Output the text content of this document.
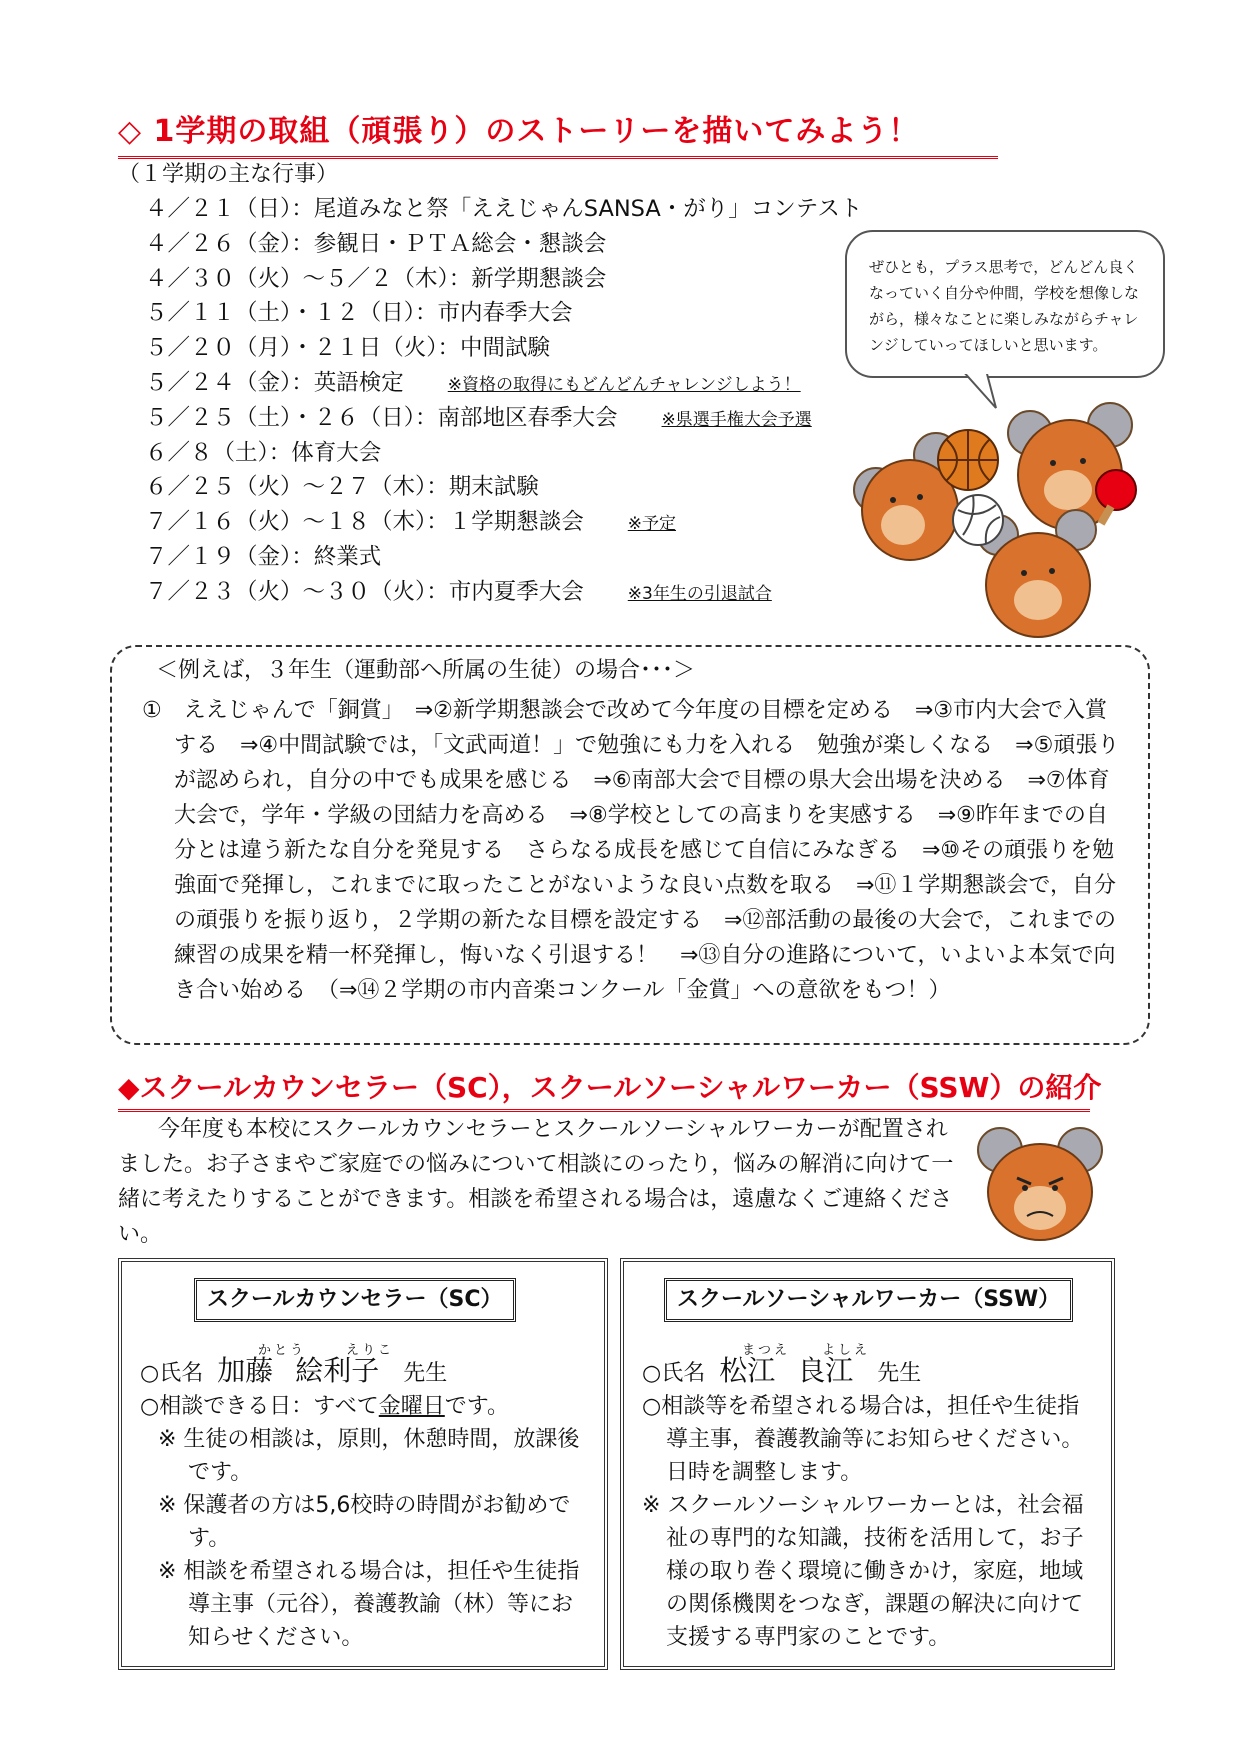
◇ 1学期の取組（頑張り）のストーリーを描いてみよう！
（１学期の主な行事）
４／２１（日）：尾道みなと祭「ええじゃんSANSA・がり」コンテスト
４／２６（金）：参観日・ＰＴＡ総会・懇談会
４／３０（火）～５／２（木）：新学期懇談会
５／１１（土）・１２（日）：市内春季大会
５／２０（月）・２１日（火）：中間試験
５／２４（金）：英語検定	※資格の取得にもどんどんチャレンジしよう！
５／２５（土）・２６（日）：南部地区春季大会	※県選手権大会予選
６／８（土）：体育大会
６／２５（火）～２７（木）：期末試験
７／１６（火）～１８（木）：１学期懇談会	※予定
７／１９（金）：終業式
７／２３（火）～３０（火）：市内夏季大会	※3年生の引退試合
ぜひとも，プラス思考で，どんどん良くなっていく自分や仲間，学校を想像しながら，様々なことに楽しみながらチャレンジしていってほしいと思います。
＜例えば，３年生（運動部へ所属の生徒）の場合･･･＞
①　ええじゃんで「銅賞」　⇒②新学期懇談会で改めて今年度の目標を定める　⇒③市内大会で入賞する　⇒④中間試験では，「文武両道！」で勉強にも力を入れる　勉強が楽しくなる　⇒⑤頑張りが認められ，自分の中でも成果を感じる　⇒⑥南部大会で目標の県大会出場を決める　⇒⑦体育大会で，学年・学級の団結力を高める　⇒⑧学校としての高まりを実感する　⇒⑨昨年までの自分とは違う新たな自分を発見する　さらなる成長を感じて自信にみなぎる　⇒⑩その頑張りを勉強面で発揮し，これまでに取ったことがないような良い点数を取る　⇒⑪１学期懇談会で，自分の頑張りを振り返り，２学期の新たな目標を設定する　⇒⑫部活動の最後の大会で，これまでの練習の成果を精一杯発揮し，悔いなく引退する！　⇒⑬自分の進路について，いよいよ本気で向き合い始める　（⇒⑭２学期の市内音楽コンクール「金賞」への意欲をもつ！）
◆スクールカウンセラー（SC），スクールソーシャルワーカー（SSW）の紹介
今年度も本校にスクールカウンセラーとスクールソーシャルワーカーが配置されました。お子さまやご家庭での悩みについて相談にのったり，悩みの解消に向けて一緒に考えたりすることができます。相談を希望される場合は，遠慮なくご連絡ください。
スクールカウンセラー（SC）
かとう	えりこ
○氏名 加藤 絵利子 先生
○相談できる日：すべて金曜日です。
※ 生徒の相談は，原則，休憩時間，放課後です。
※ 保護者の方は5,6校時の時間がお勧めです。
※ 相談を希望される場合は，担任や生徒指導主事（元谷），養護教諭（林）等にお知らせください。
スクールソーシャルワーカー（SSW）
まつえ よしえ
○氏名 松江 良江 先生
○相談等を希望される場合は，担任や生徒指導主事，養護教諭等にお知らせください。日時を調整します。
※ スクールソーシャルワーカーとは，社会福祉の専門的な知識，技術を活用して，お子様の取り巻く環境に働きかけ，家庭，地域の関係機関をつなぎ，課題の解決に向けて支援する専門家のことです。
